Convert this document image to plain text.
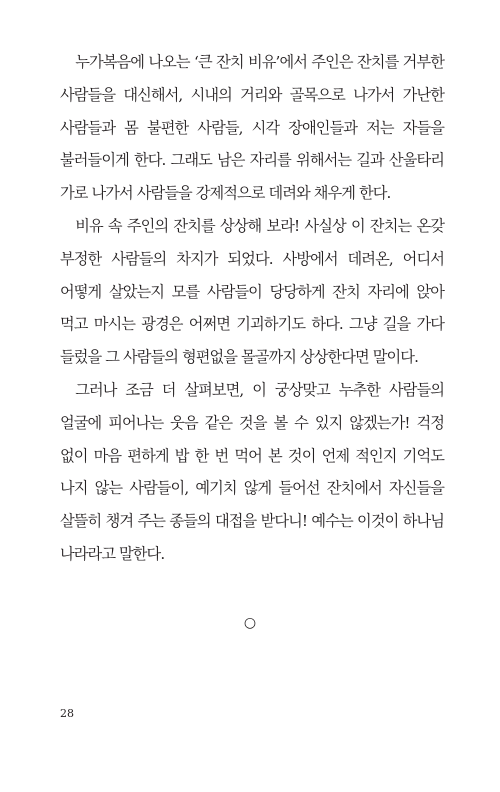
누가복음에 나오는 ‘큰 잔치 비유’에서 주인은 잔치를 거부한 사람들을 대신해서, 시내의 거리와 골목으로 나가서 가난한 사람들과 몸 불편한 사람들, 시각 장애인들과 저는 자들을 불러들이게 한다. 그래도 남은 자리를 위해서는 길과 산울타리 가로 나가서 사람들을 강제적으로 데려와 채우게 한다.

비유 속 주인의 잔치를 상상해 보라! 사실상 이 잔치는 온갖 부정한 사람들의 차지가 되었다. 사방에서 데려온, 어디서 어떻게 살았는지 모를 사람들이 당당하게 잔치 자리에 앉아 먹고 마시는 광경은 어쩌면 기괴하기도 하다. 그냥 길을 가다 들렀을 그 사람들의 형편없을 몰골까지 상상한다면 말이다.

그러나 조금 더 살펴보면, 이 궁상맞고 누추한 사람들의 얼굴에 피어나는 웃음 같은 것을 볼 수 있지 않겠는가! 걱정 없이 마음 편하게 밥 한 번 먹어 본 것이 언제 적인지 기억도 나지 않는 사람들이, 예기치 않게 들어선 잔치에서 자신들을 살뜰히 챙겨 주는 종들의 대접을 받다니! 예수는 이것이 하나님 나라라고 말한다.

○
28
